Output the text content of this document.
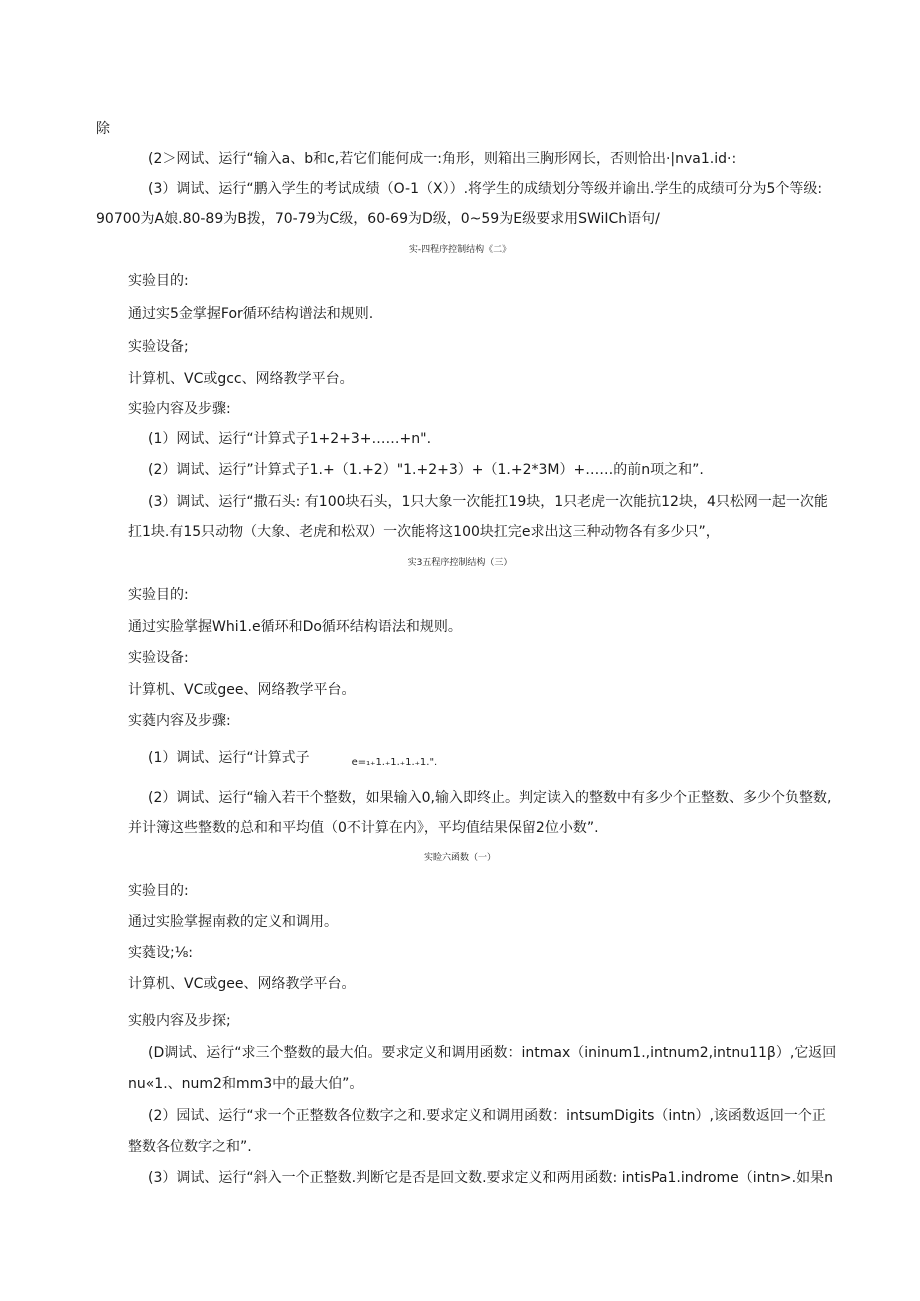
除
(2＞网试、运行“输入a、b和c,若它们能何成一:角形，则箱出三胸形网长，否则恰出·|nva1.id·:
(3）调试、运行“鹏入学生的考试成绩（O-1（X））.将学生的成绩划分等级并谕出.学生的成绩可分为5个等级:
90700为A娘.80-89为B拨，70-79为C级，60-69为D级，0~59为E级要求用SWiICh语句/
实-四程序控制结构《二》
实验目的:
通过实5金掌握For循环结构谱法和规则.
实验设备;
计算机、VC或gcc、网络教学平台。
实验内容及步骤:
(1）网试、运行“计算式子1+2+3+……+n".
(2）调试、运行”计算式子1.+（1.+2）"1.+2+3）+（1.+2*3M）+……的前n项之和”.
(3）调试、运行“撒石头: 有100块石头，1只大象一次能扛19块，1只老虎一次能抗12块，4只松网一起一次能
扛1块.有15只动物（大象、老虎和松双）一次能将这100块扛完e求出这三种动物各有多少只”，
实3五程序控制结构（三）
实验目的:
通过实脸掌握Whi1.e循环和Do循环结构语法和规则。
实验设备:
计算机、VC或gee、网络教学平台。
实蕤内容及步骤:
(1）调试、运行“计算式子	e=₁₊1.₊1.₊1.₊1.".
(2）调试、运行“输入若干个整数，如果输入0,输入即终止。判定读入的整数中有多少个正整数、多少个负整数,
并计簿这些整数的总和和平均值（0不计算在内》，平均值结果保留2位小数”.
实睑六函数（一）
实验目的:
通过实脸掌握南救的定义和调用。
实蕤设;⅛:
计算机、VC或gee、网络教学平台。
实般内容及步探;
(D调试、运行“求三个整数的最大伯。要求定义和调用函数：intmax（ininum1.,intnum2,intnu11β）,它返回
nu«1.、num2和mm3中的最大伯”。
(2）园试、运行“求一个正整数各位数字之和.要求定义和调用函数：intsumDigits（intn）,该函数返回一个正
整数各位数字之和”.
(3）调试、运行“斜入一个正整数.判断它是否是回文数.要求定义和两用函数: intisPa1.indrome（intn>.如果n
